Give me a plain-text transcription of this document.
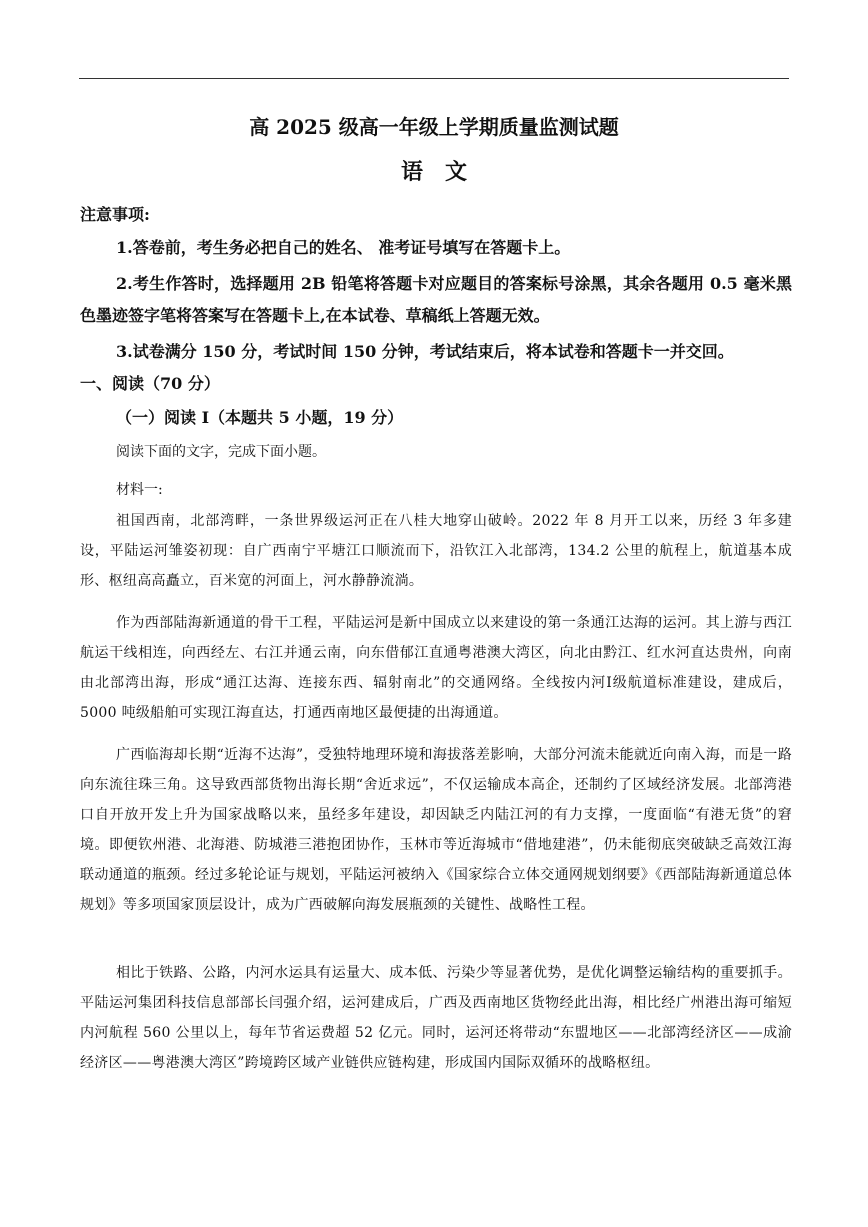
高 2025 级高一年级上学期质量监测试题
语文
注意事项:
1.答卷前，考生务必把自己的姓名、 准考证号填写在答题卡上。
2.考生作答时，选择题用 2B 铅笔将答题卡对应题目的答案标号涂黑，其余各题用 0.5 毫米黑色墨迹签字笔将答案写在答题卡上,在本试卷、草稿纸上答题无效。
3.试卷满分 150 分，考试时间 150 分钟，考试结束后，将本试卷和答题卡一并交回。
一、阅读（70 分）
（一）阅读 I（本题共 5 小题，19 分）
阅读下面的文字，完成下面小题。
材料一:
祖国西南，北部湾畔，一条世界级运河正在八桂大地穿山破岭。2022 年 8 月开工以来，历经 3 年多建设，平陆运河雏姿初现：自广西南宁平塘江口顺流而下，沿钦江入北部湾，134.2 公里的航程上，航道基本成形、枢纽高高矗立，百米宽的河面上，河水静静流淌。
作为西部陆海新通道的骨干工程，平陆运河是新中国成立以来建设的第一条通江达海的运河。其上游与西江航运干线相连，向西经左、右江并通云南，向东借郁江直通粤港澳大湾区，向北由黔江、红水河直达贵州，向南由北部湾出海，形成“通江达海、连接东西、辐射南北”的交通网络。全线按内河I级航道标准建设，建成后，5000 吨级船舶可实现江海直达，打通西南地区最便捷的出海通道。
广西临海却长期“近海不达海”，受独特地理环境和海拔落差影响，大部分河流未能就近向南入海，而是一路向东流往珠三角。这导致西部货物出海长期“舍近求远”，不仅运输成本高企，还制约了区域经济发展。北部湾港口自开放开发上升为国家战略以来，虽经多年建设，却因缺乏内陆江河的有力支撑，一度面临“有港无货”的窘境。即便钦州港、北海港、防城港三港抱团协作，玉林市等近海城市“借地建港”，仍未能彻底突破缺乏高效江海联动通道的瓶颈。经过多轮论证与规划，平陆运河被纳入《国家综合立体交通网规划纲要》《西部陆海新通道总体规划》等多项国家顶层设计，成为广西破解向海发展瓶颈的关键性、战略性工程。
相比于铁路、公路，内河水运具有运量大、成本低、污染少等显著优势，是优化调整运输结构的重要抓手。平陆运河集团科技信息部部长闫强介绍，运河建成后，广西及西南地区货物经此出海，相比经广州港出海可缩短内河航程 560 公里以上，每年节省运费超 52 亿元。同时，运河还将带动“东盟地区——北部湾经济区——成渝经济区——粤港澳大湾区”跨境跨区域产业链供应链构建，形成国内国际双循环的战略枢纽。
